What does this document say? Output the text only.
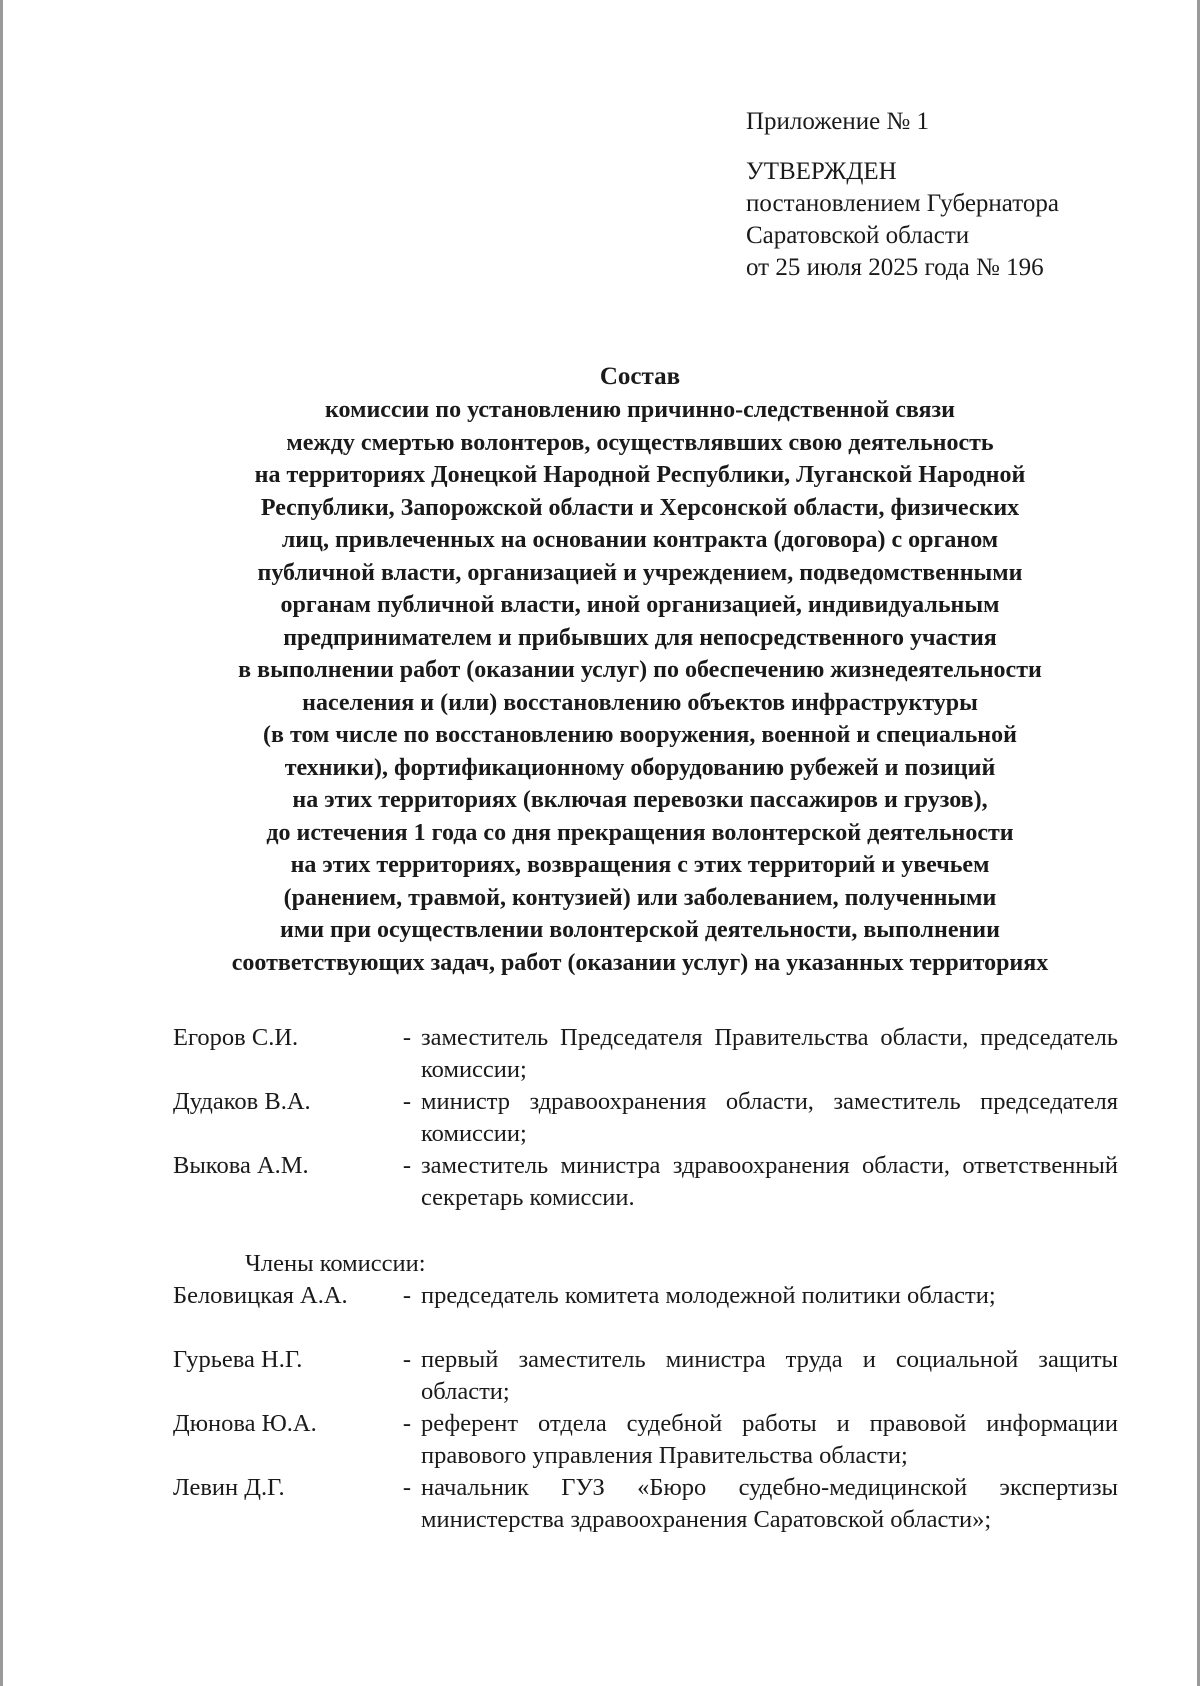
Приложение № 1
УТВЕРЖДЕН
постановлением Губернатора
Саратовской области
от 25 июля 2025 года № 196
Состав
комиссии по установлению причинно-следственной связи
между смертью волонтеров, осуществлявших свою деятельность
на территориях Донецкой Народной Республики, Луганской Народной
Республики, Запорожской области и Херсонской области, физических
лиц, привлеченных на основании контракта (договора) с органом
публичной власти, организацией и учреждением, подведомственными
органам публичной власти, иной организацией, индивидуальным
предпринимателем и прибывших для непосредственного участия
в выполнении работ (оказании услуг) по обеспечению жизнедеятельности
населения и (или) восстановлению объектов инфраструктуры
(в том числе по восстановлению вооружения, военной и специальной
техники), фортификационному оборудованию рубежей и позиций
на этих территориях (включая перевозки пассажиров и грузов),
до истечения 1 года со дня прекращения волонтерской деятельности
на этих территориях, возвращения с этих территорий и увечьем
(ранением, травмой, контузией) или заболеванием, полученными
ими при осуществлении волонтерской деятельности, выполнении
соответствующих задач, работ (оказании услуг) на указанных территориях
Егоров С.И.	- заместитель Председателя Правительства области, председатель комиссии;
Дудаков В.А.	- министр здравоохранения области, заместитель председателя комиссии;
Выкова А.М.	- заместитель министра здравоохранения области, ответственный секретарь комиссии.
Члены комиссии:
Беловицкая А.А.	- председатель комитета молодежной политики области;
Гурьева Н.Г.	- первый заместитель министра труда и социальной защиты области;
Дюнова Ю.А.	- референт отдела судебной работы и правовой информации правового управления Правительства области;
Левин Д.Г.	- начальник ГУЗ «Бюро судебно-медицинской экспертизы министерства здравоохранения Саратовской области»;
